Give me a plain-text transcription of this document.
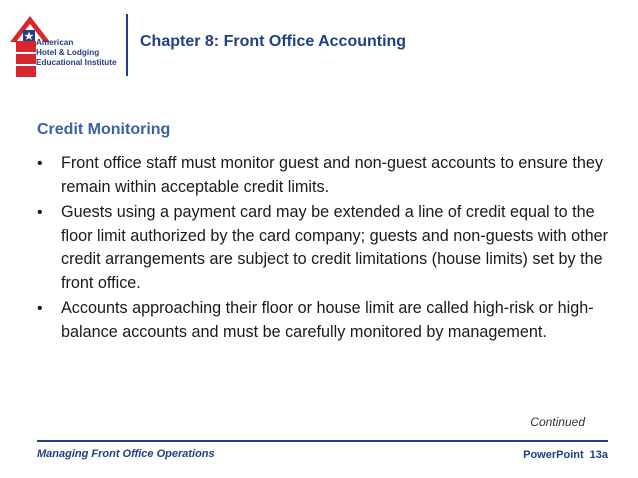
American
Hotel & Lodging
Educational Institute
Chapter 8: Front Office Accounting
Credit Monitoring
•	Front office staff must monitor guest and non-guest accounts to ensure they remain within acceptable credit limits.
•	Guests using a payment card may be extended a line of credit equal to the floor limit authorized by the card company; guests and non-guests with other credit arrangements are subject to credit limitations (house limits) set by the front office.
•	Accounts approaching their floor or house limit are called high-risk or high-balance accounts and must be carefully monitored by management.
Continued
Managing Front Office Operations	PowerPoint 13a
